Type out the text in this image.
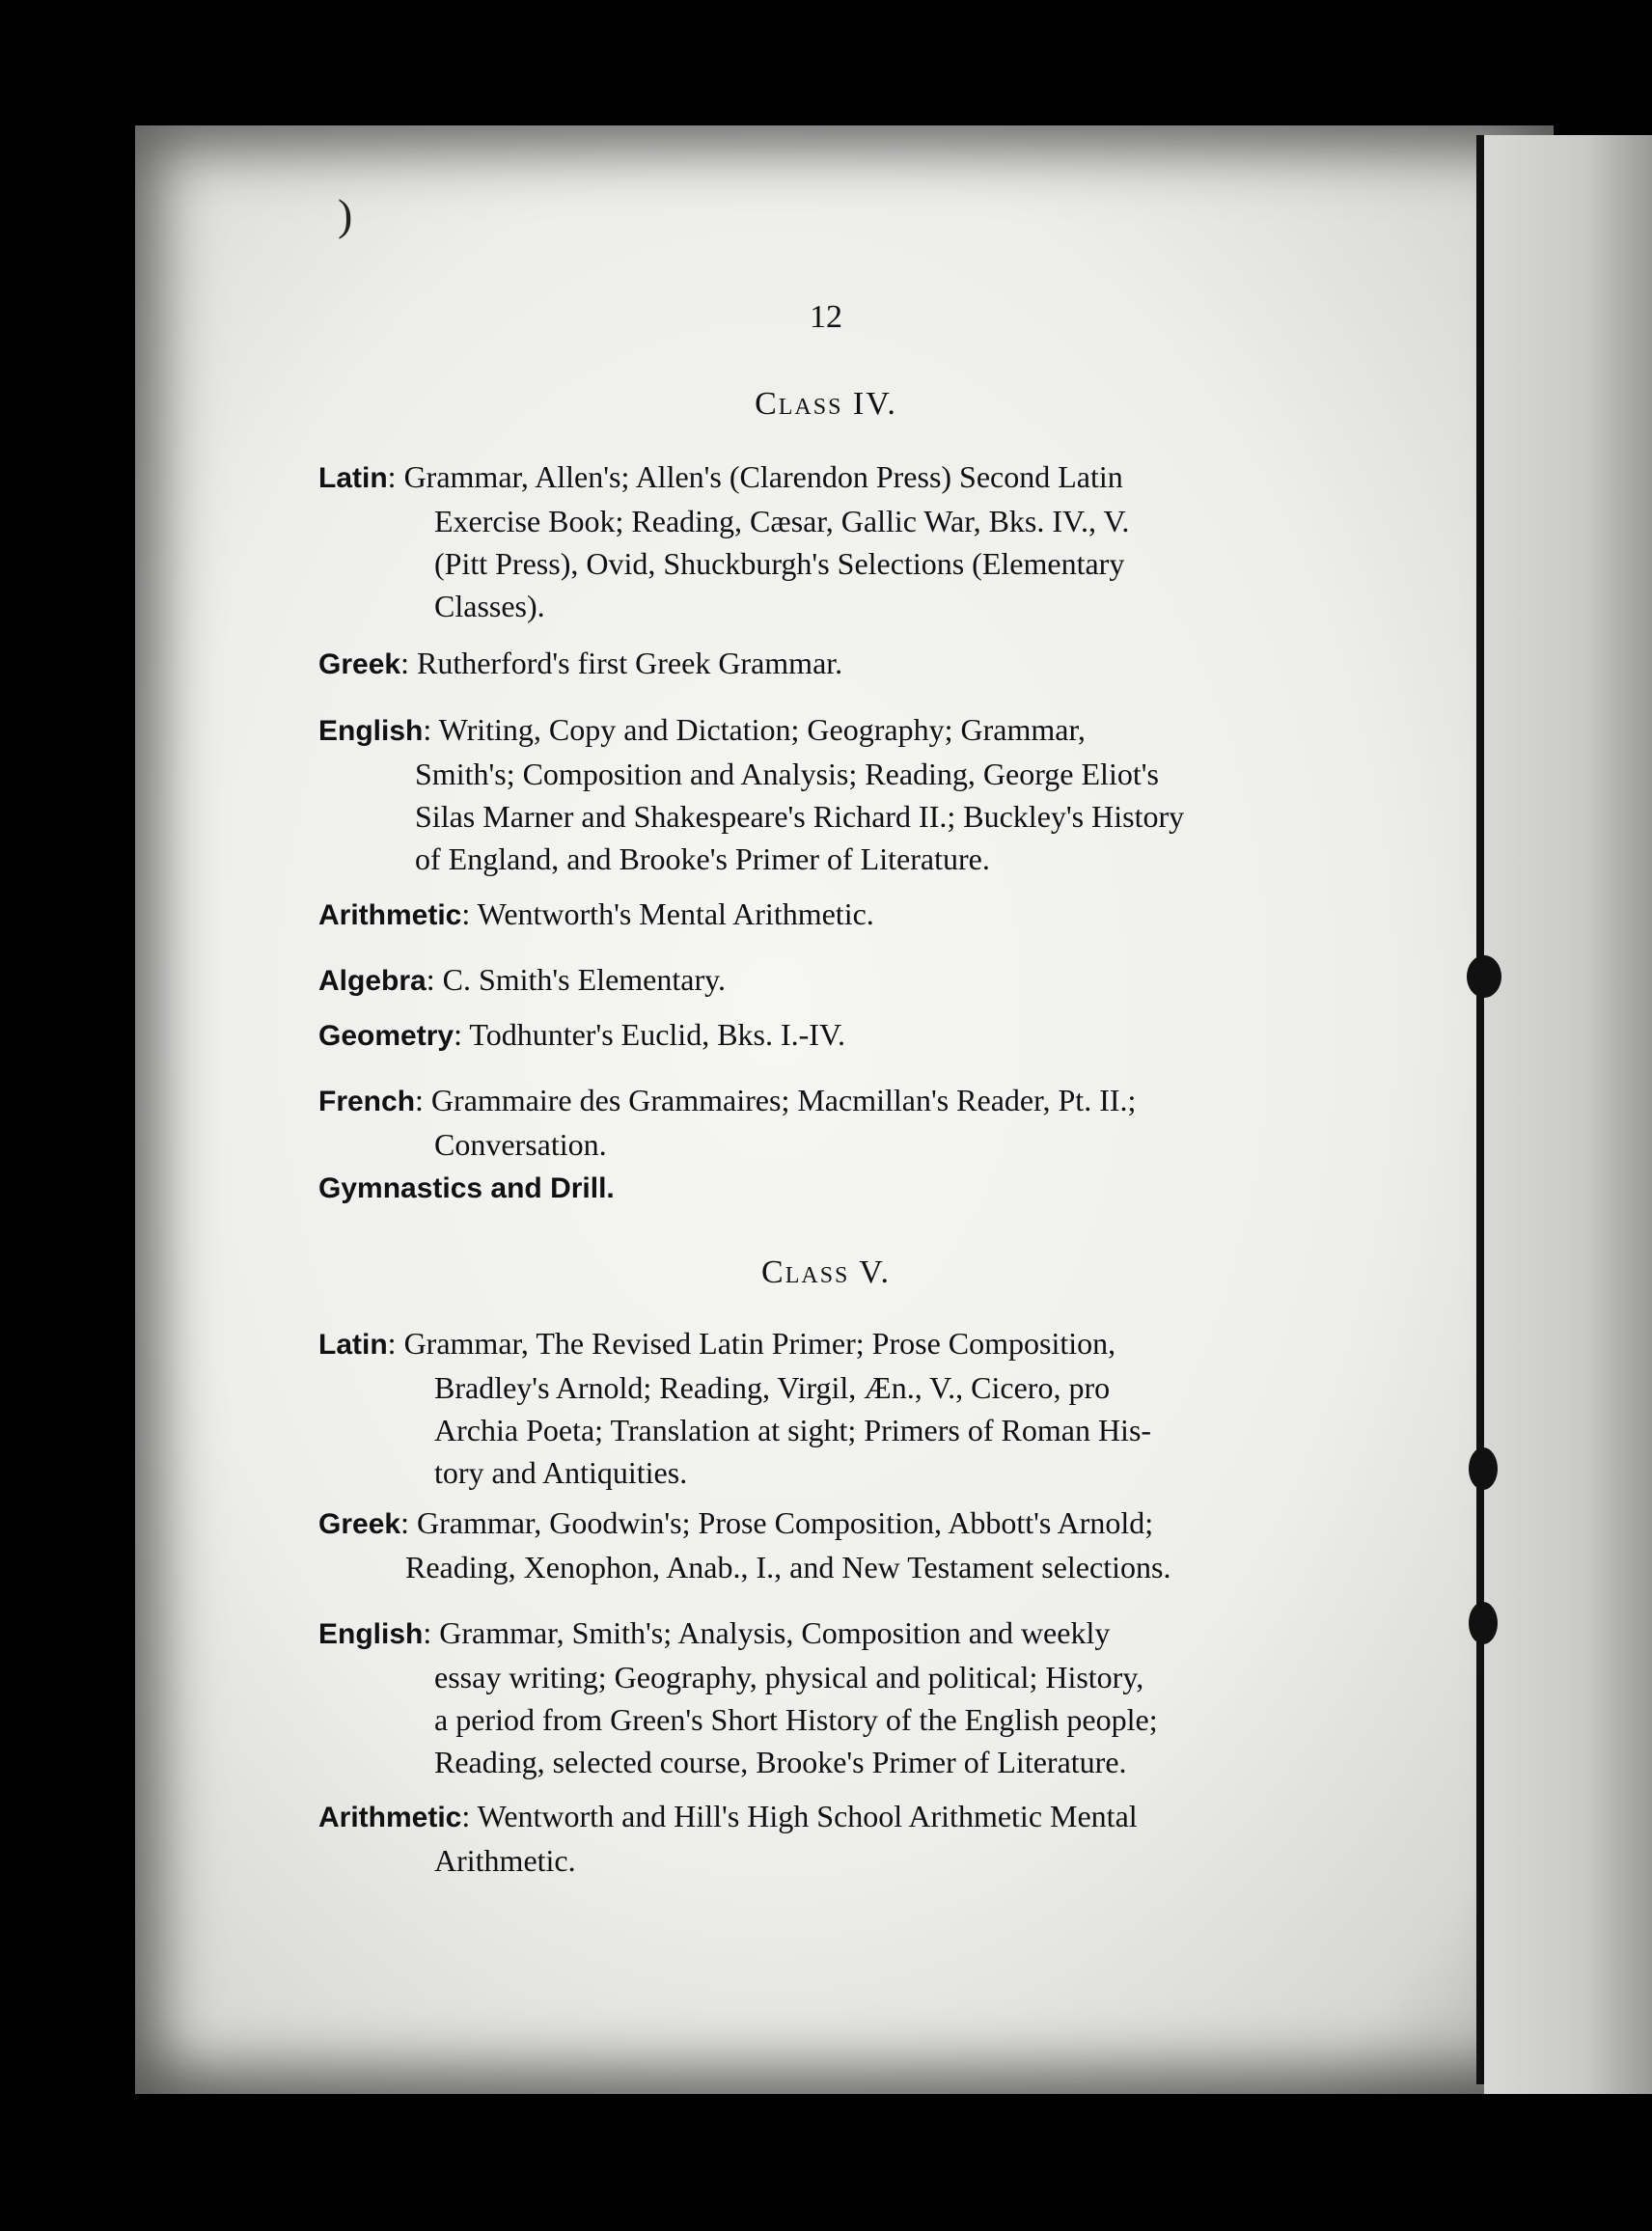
)
12
Class IV.
Latin: Grammar, Allen's; Allen's (Clarendon Press) Second Latin
Exercise Book; Reading, Cæsar, Gallic War, Bks. IV., V.
(Pitt Press), Ovid, Shuckburgh's Selections (Elementary
Classes).
Greek: Rutherford's first Greek Grammar.
English: Writing, Copy and Dictation; Geography; Grammar,
Smith's; Composition and Analysis; Reading, George Eliot's
Silas Marner and Shakespeare's Richard II.; Buckley's History
of England, and Brooke's Primer of Literature.
Arithmetic: Wentworth's Mental Arithmetic.
Algebra: C. Smith's Elementary.
Geometry: Todhunter's Euclid, Bks. I.-IV.
French: Grammaire des Grammaires; Macmillan's Reader, Pt. II.;
Conversation.
Gymnastics and Drill.
Class V.
Latin: Grammar, The Revised Latin Primer; Prose Composition,
Bradley's Arnold; Reading, Virgil, Æn., V., Cicero, pro
Archia Poeta; Translation at sight; Primers of Roman His-
tory and Antiquities.
Greek: Grammar, Goodwin's; Prose Composition, Abbott's Arnold;
Reading, Xenophon, Anab., I., and New Testament selections.
English: Grammar, Smith's; Analysis, Composition and weekly
essay writing; Geography, physical and political; History,
a period from Green's Short History of the English people;
Reading, selected course, Brooke's Primer of Literature.
Arithmetic: Wentworth and Hill's High School Arithmetic Mental
Arithmetic.
